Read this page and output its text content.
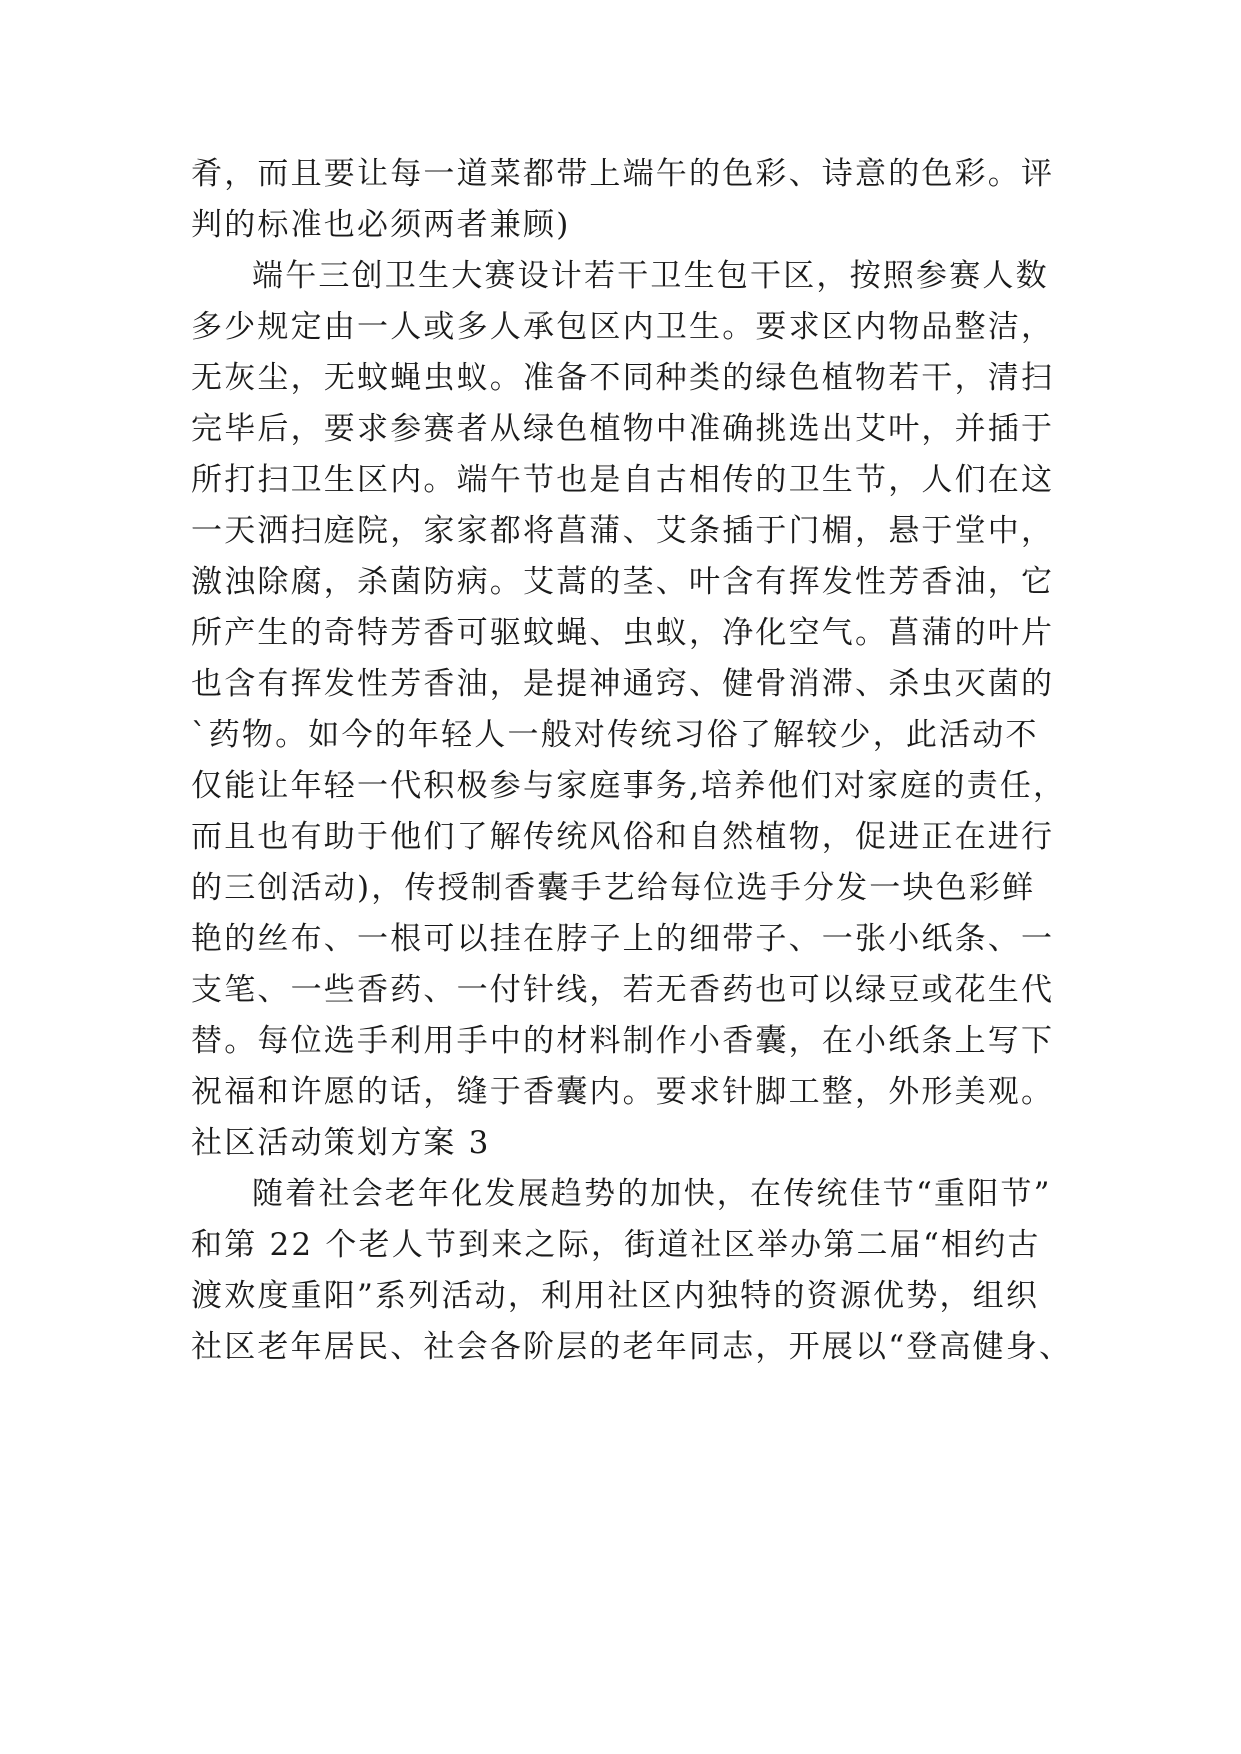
肴，而且要让每一道菜都带上端午的色彩、诗意的色彩。评
判的标准也必须两者兼顾)
端午三创卫生大赛设计若干卫生包干区，按照参赛人数
多少规定由一人或多人承包区内卫生。要求区内物品整洁，
无灰尘，无蚊蝇虫蚁。准备不同种类的绿色植物若干，清扫
完毕后，要求参赛者从绿色植物中准确挑选出艾叶，并插于
所打扫卫生区内。端午节也是自古相传的卫生节，人们在这
一天洒扫庭院，家家都将菖蒲、艾条插于门楣，悬于堂中，
激浊除腐，杀菌防病。艾蒿的茎、叶含有挥发性芳香油，它
所产生的奇特芳香可驱蚊蝇、虫蚁，净化空气。菖蒲的叶片
也含有挥发性芳香油，是提神通窍、健骨消滞、杀虫灭菌的
`药物。如今的年轻人一般对传统习俗了解较少，此活动不
仅能让年轻一代积极参与家庭事务,培养他们对家庭的责任，
而且也有助于他们了解传统风俗和自然植物，促进正在进行
的三创活动)，传授制香囊手艺给每位选手分发一块色彩鲜
艳的丝布、一根可以挂在脖子上的细带子、一张小纸条、一
支笔、一些香药、一付针线，若无香药也可以绿豆或花生代
替。每位选手利用手中的材料制作小香囊，在小纸条上写下
祝福和许愿的话，缝于香囊内。要求针脚工整，外形美观。
社区活动策划方案 3
随着社会老年化发展趋势的加快，在传统佳节“重阳节”
和第 22 个老人节到来之际，街道社区举办第二届“相约古
渡欢度重阳”系列活动，利用社区内独特的资源优势，组织
社区老年居民、社会各阶层的老年同志，开展以“登高健身、
